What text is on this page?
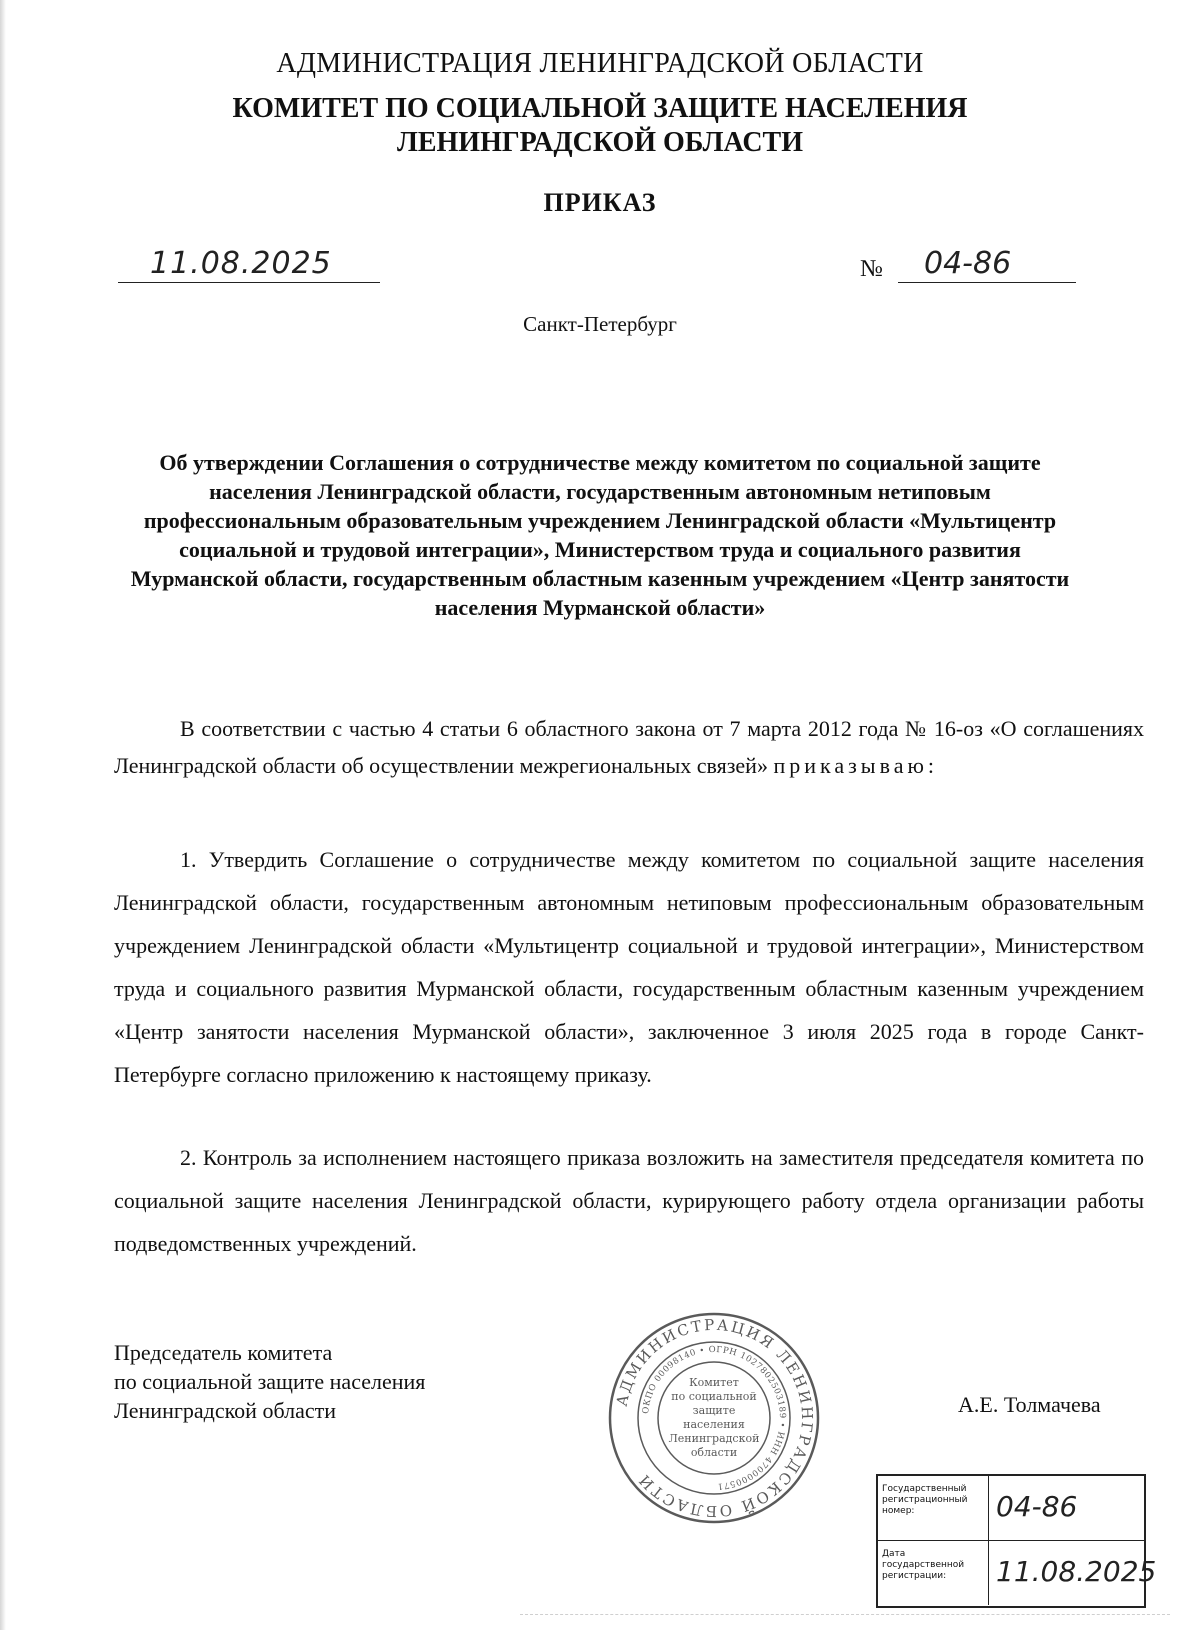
АДМИНИСТРАЦИЯ ЛЕНИНГРАДСКОЙ ОБЛАСТИ
КОМИТЕТ ПО СОЦИАЛЬНОЙ ЗАЩИТЕ НАСЕЛЕНИЯ
ЛЕНИНГРАДСКОЙ ОБЛАСТИ
ПРИКАЗ
11.08.2025	№ 04-86
Санкт-Петербург
Об утверждении Соглашения о сотрудничестве между комитетом по социальной защите населения Ленинградской области, государственным автономным нетиповым профессиональным образовательным учреждением Ленинградской области «Мультицентр социальной и трудовой интеграции», Министерством труда и социального развития Мурманской области, государственным областным казенным учреждением «Центр занятости населения Мурманской области»
В соответствии с частью 4 статьи 6 областного закона от 7 марта 2012 года № 16-оз «О соглашениях Ленинградской области об осуществлении межрегиональных связей» приказываю:
1. Утвердить Соглашение о сотрудничестве между комитетом по социальной защите населения Ленинградской области, государственным автономным нетиповым профессиональным образовательным учреждением Ленинградской области «Мультицентр социальной и трудовой интеграции», Министерством труда и социального развития Мурманской области, государственным областным казенным учреждением «Центр занятости населения Мурманской области», заключенное 3 июля 2025 года в городе Санкт-Петербурге согласно приложению к настоящему приказу.
2. Контроль за исполнением настоящего приказа возложить на заместителя председателя комитета по социальной защите населения Ленинградской области, курирующего работу отдела организации работы подведомственных учреждений.
Председатель комитета
по социальной защите населения
Ленинградской области	А.Е. Толмачева
АДМИНИСТРАЦИЯ ЛЕНИНГРАДСКОЙ ОБЛАСТИ
ОКПО 00098140 • ОГРН 1027802503189 • ИНН 4700000571
Комитет
по социальной
защите
населения
Ленинградской
области
Государственный регистрационный номер:	04-86
Дата государственной регистрации:	11.08.2025
